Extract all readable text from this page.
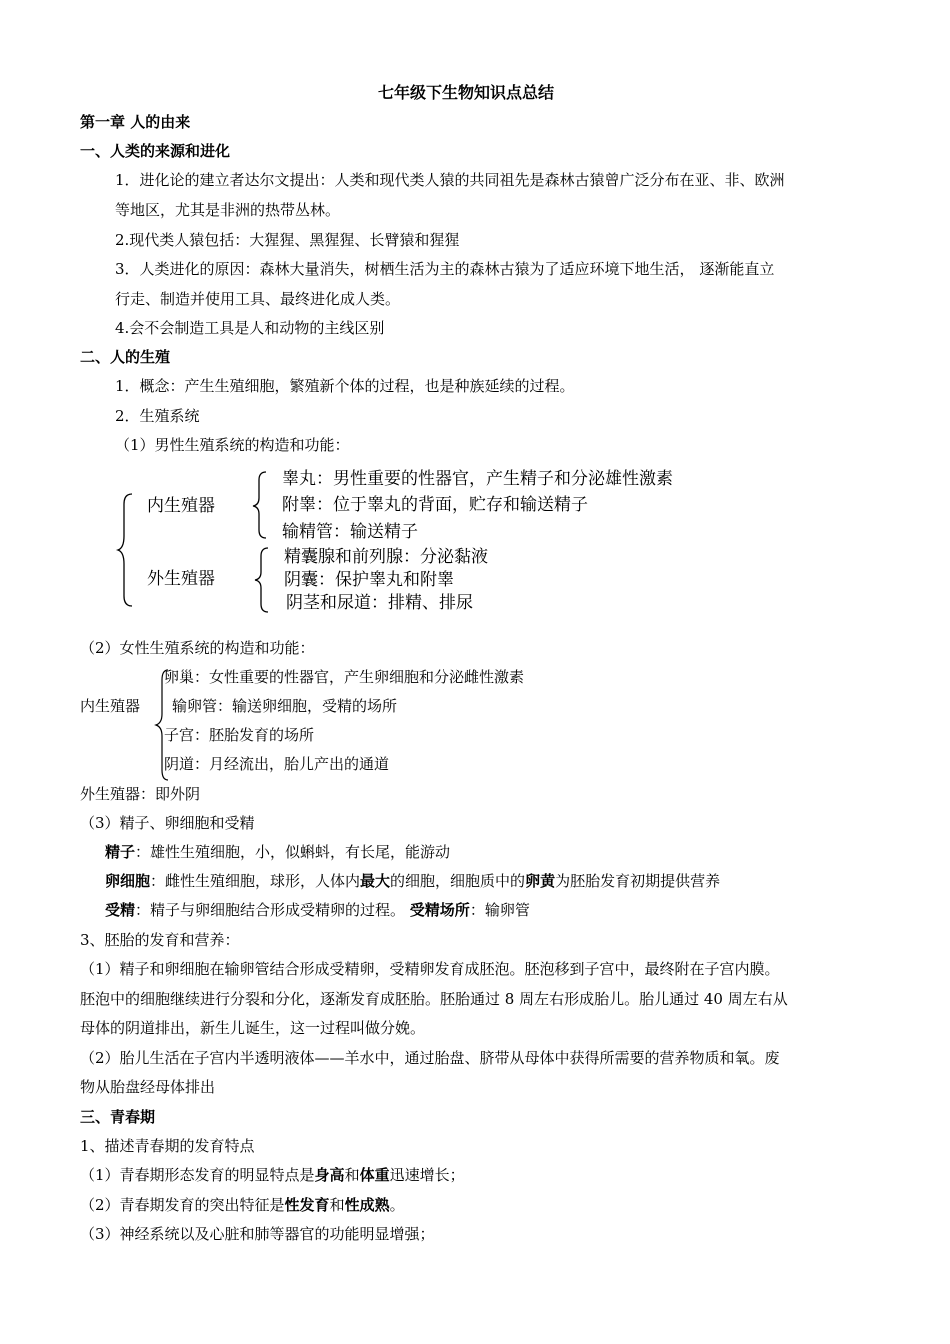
七年级下生物知识点总结
第一章 人的由来
一、人类的来源和进化
1．进化论的建立者达尔文提出：人类和现代类人猿的共同祖先是森林古猿曾广泛分布在亚、非、欧洲
等地区，尤其是非洲的热带丛林。
2.现代类人猿包括：大猩猩、黑猩猩、长臂猿和猩猩
3．人类进化的原因：森林大量消失，树栖生活为主的森林古猿为了适应环境下地生活， 逐渐能直立
行走、制造并使用工具、最终进化成人类。
4.会不会制造工具是人和动物的主线区别
二、人的生殖
1．概念：产生生殖细胞，繁殖新个体的过程，也是种族延续的过程。
2．生殖系统
（1）男性生殖系统的构造和功能：
内生殖器
睾丸：男性重要的性器官，产生精子和分泌雄性激素
附睾：位于睾丸的背面，贮存和输送精子
输精管：输送精子
外生殖器
精囊腺和前列腺：分泌黏液
阴囊：保护睾丸和附睾
阴茎和尿道：排精、排尿
（2）女性生殖系统的构造和功能：
内生殖器
卵巢：女性重要的性器官，产生卵细胞和分泌雌性激素
输卵管：输送卵细胞，受精的场所
子宫：胚胎发育的场所
阴道：月经流出，胎儿产出的通道
外生殖器：即外阴
（3）精子、卵细胞和受精
精子：雄性生殖细胞，小，似蝌蚪，有长尾，能游动
卵细胞：雌性生殖细胞，球形，人体内最大的细胞，细胞质中的卵黄为胚胎发育初期提供营养
受精：精子与卵细胞结合形成受精卵的过程。 受精场所：输卵管
3、胚胎的发育和营养：
（1）精子和卵细胞在输卵管结合形成受精卵，受精卵发育成胚泡。胚泡移到子宫中，最终附在子宫内膜。
胚泡中的细胞继续进行分裂和分化，逐渐发育成胚胎。胚胎通过 8 周左右形成胎儿。胎儿通过 40 周左右从
母体的阴道排出，新生儿诞生，这一过程叫做分娩。
（2）胎儿生活在子宫内半透明液体——羊水中，通过胎盘、脐带从母体中获得所需要的营养物质和氧。废
物从胎盘经母体排出
三、青春期
1、描述青春期的发育特点
（1）青春期形态发育的明显特点是身高和体重迅速增长；
（2）青春期发育的突出特征是性发育和性成熟。
（3）神经系统以及心脏和肺等器官的功能明显增强；
